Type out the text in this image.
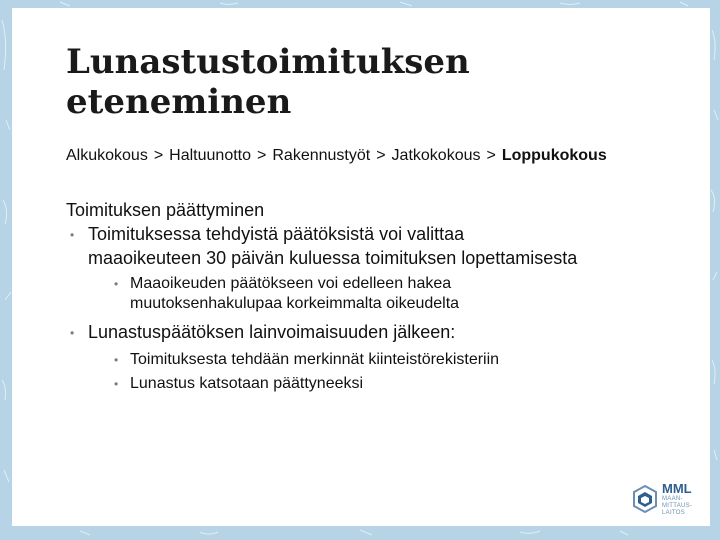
Lunastustoimituksen
eteneminen
Alkukokous > Haltuunotto > Rakennustyöt > Jatkokokous > Loppukokous
Toimituksen päättyminen
• Toimituksessa tehdyistä päätöksistä voi valittaa
maaoikeuteen 30 päivän kuluessa toimituksen lopettamisesta
• Maaoikeuden päätökseen voi edelleen hakea
muutoksenhakulupaa korkeimmalta oikeudelta
• Lunastuspäätöksen lainvoimaisuuden jälkeen:
• Toimituksesta tehdään merkinnät kiinteistörekisteriin
• Lunastus katsotaan päättyneeksi
MML
MAAN-
MITTAUS-
LAITOS
